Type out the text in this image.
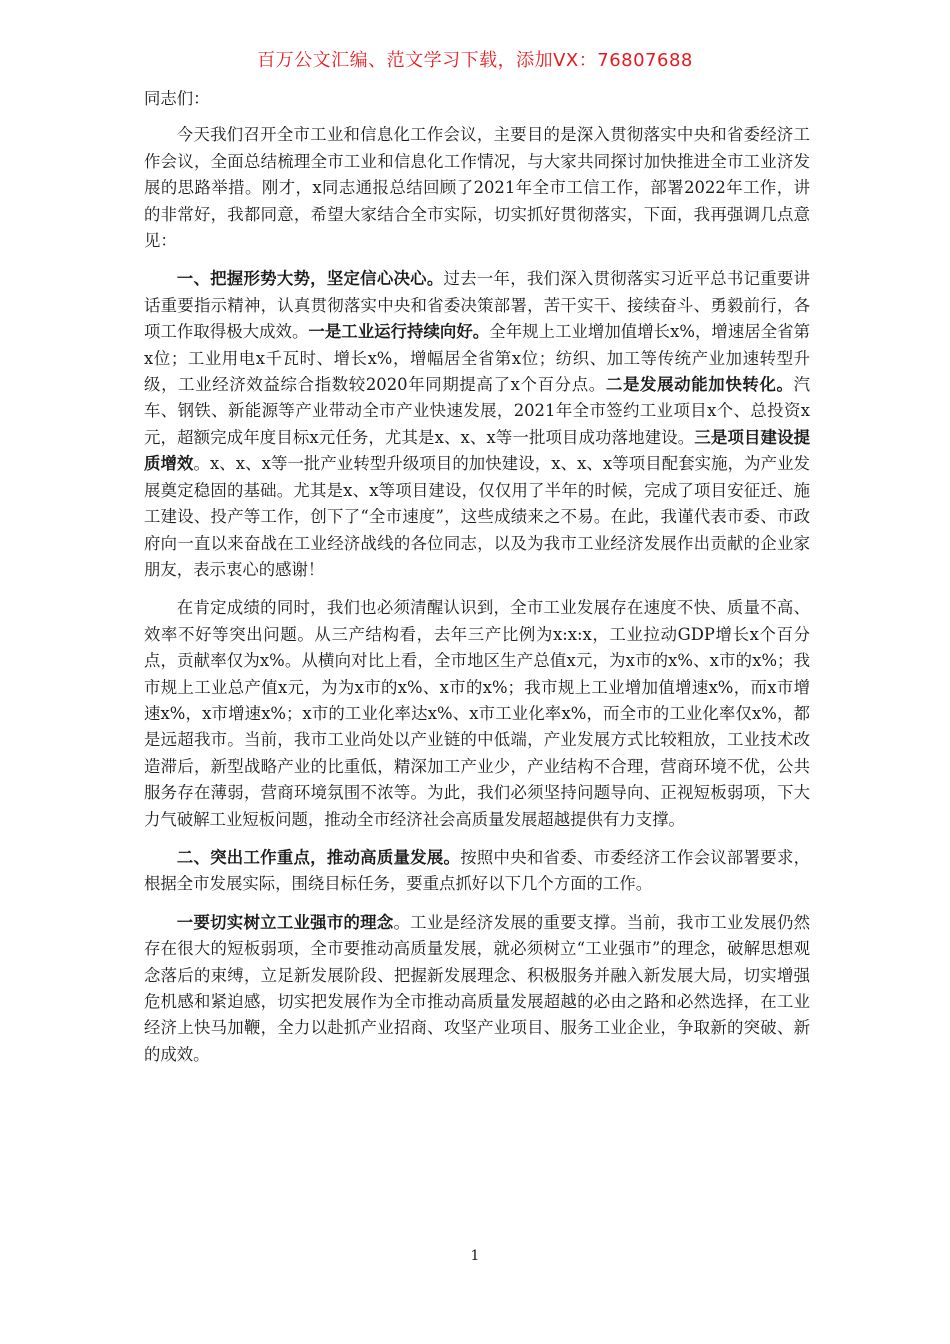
百万公文汇编、范文学习下载，添加VX：76807688

同志们：

今天我们召开全市工业和信息化工作会议，主要目的是深入贯彻落实中央和省委经济工作会议，全面总结梳理全市工业和信息化工作情况，与大家共同探讨加快推进全市工业济发展的思路举措。刚才，x同志通报总结回顾了2021年全市工信工作，部署2022年工作，讲的非常好，我都同意，希望大家结合全市实际，切实抓好贯彻落实，下面，我再强调几点意见：

一、把握形势大势，坚定信心决心。过去一年，我们深入贯彻落实习近平总书记重要讲话重要指示精神，认真贯彻落实中央和省委决策部署，苦干实干、接续奋斗、勇毅前行，各项工作取得极大成效。一是工业运行持续向好。全年规上工业增加值增长x%，增速居全省第x位；工业用电x千瓦时、增长x%，增幅居全省第x位；纺织、加工等传统产业加速转型升级，工业经济效益综合指数较2020年同期提高了x个百分点。二是发展动能加快转化。汽车、钢铁、新能源等产业带动全市产业快速发展，2021年全市签约工业项目x个、总投资x元，超额完成年度目标x元任务，尤其是x、x、x等一批项目成功落地建设。三是项目建设提质增效。x、x、x等一批产业转型升级项目的加快建设，x、x、x等项目配套实施，为产业发展奠定稳固的基础。尤其是x、x等项目建设，仅仅用了半年的时候，完成了项目安征迁、施工建设、投产等工作，创下了“全市速度”，这些成绩来之不易。在此，我谨代表市委、市政府向一直以来奋战在工业经济战线的各位同志，以及为我市工业经济发展作出贡献的企业家朋友，表示衷心的感谢！

在肯定成绩的同时，我们也必须清醒认识到，全市工业发展存在速度不快、质量不高、效率不好等突出问题。从三产结构看，去年三产比例为x:x:x，工业拉动GDP增长x个百分点，贡献率仅为x%。从横向对比上看，全市地区生产总值x元，为x市的x%、x市的x%；我市规上工业总产值x元，为为x市的x%、x市的x%；我市规上工业增加值增速x%，而x市增速x%，x市增速x%；x市的工业化率达x%、x市工业化率x%，而全市的工业化率仅x%，都是远超我市。当前，我市工业尚处以产业链的中低端，产业发展方式比较粗放，工业技术改造滞后，新型战略产业的比重低，精深加工产业少，产业结构不合理，营商环境不优，公共服务存在薄弱，营商环境氛围不浓等。为此，我们必须坚持问题导向、正视短板弱项，下大力气破解工业短板问题，推动全市经济社会高质量发展超越提供有力支撑。

二、突出工作重点，推动高质量发展。按照中央和省委、市委经济工作会议部署要求，根据全市发展实际，围绕目标任务，要重点抓好以下几个方面的工作。

一要切实树立工业强市的理念。工业是经济发展的重要支撑。当前，我市工业发展仍然存在很大的短板弱项，全市要推动高质量发展，就必须树立“工业强市”的理念，破解思想观念落后的束缚，立足新发展阶段、把握新发展理念、积极服务并融入新发展大局，切实增强危机感和紧迫感，切实把发展作为全市推动高质量发展超越的必由之路和必然选择，在工业经济上快马加鞭，全力以赴抓产业招商、攻坚产业项目、服务工业企业，争取新的突破、新的成效。

1
